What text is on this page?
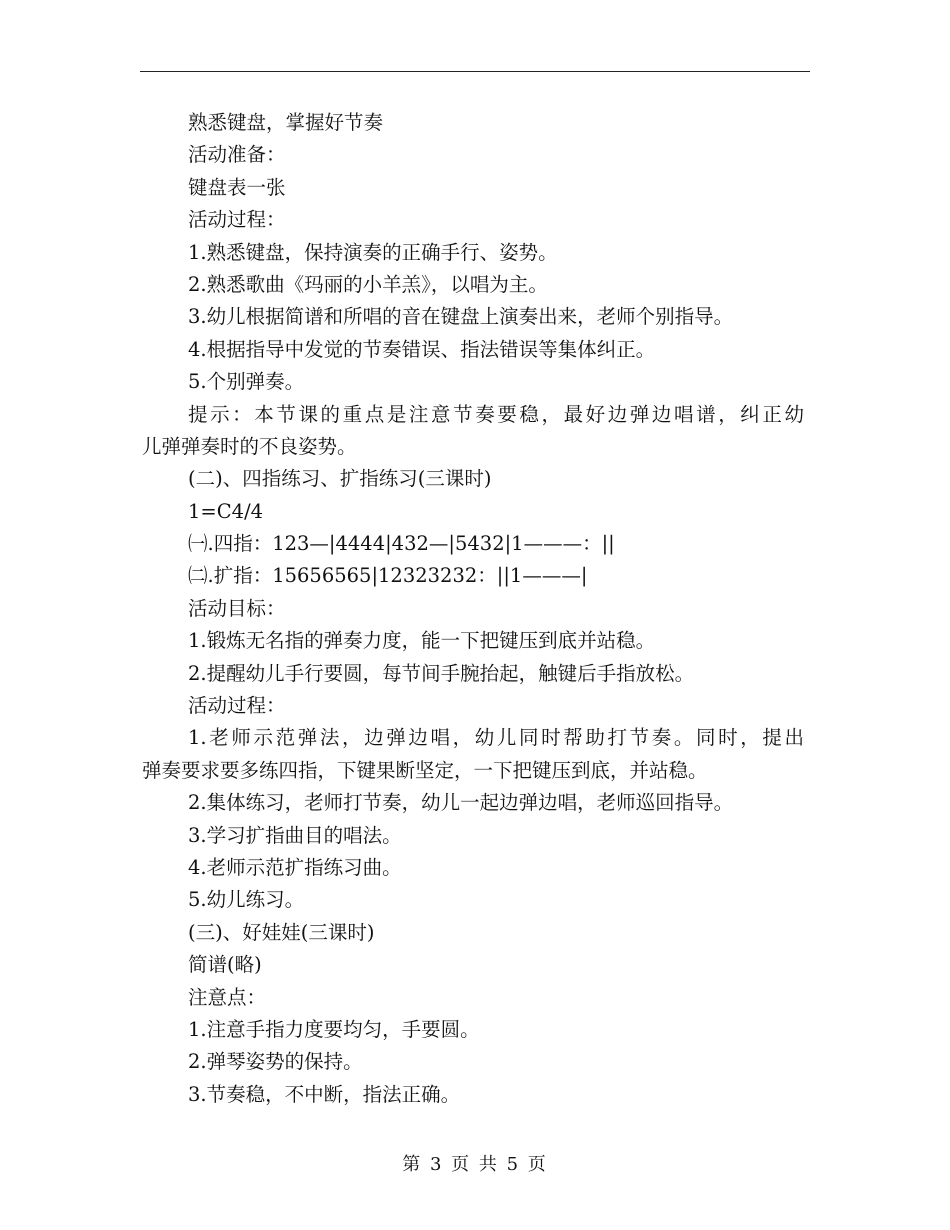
熟悉键盘，掌握好节奏
活动准备：
键盘表一张
活动过程：
1.熟悉键盘，保持演奏的正确手行、姿势。
2.熟悉歌曲《玛丽的小羊羔》，以唱为主。
3.幼儿根据简谱和所唱的音在键盘上演奏出来，老师个别指导。
4.根据指导中发觉的节奏错误、指法错误等集体纠正。
5.个别弹奏。
提示：本节课的重点是注意节奏要稳，最好边弹边唱谱，纠正幼
儿弹弹奏时的不良姿势。
(二)、四指练习、扩指练习(三课时)
1=C4/4
㈠.四指：123—|4444|432—|5432|1———：||
㈡.扩指：15656565|12323232：||1———|
活动目标：
1.锻炼无名指的弹奏力度，能一下把键压到底并站稳。
2.提醒幼儿手行要圆，每节间手腕抬起，触键后手指放松。
活动过程：
1.老师示范弹法，边弹边唱，幼儿同时帮助打节奏。同时，提出
弹奏要求要多练四指，下键果断坚定，一下把键压到底，并站稳。
2.集体练习，老师打节奏，幼儿一起边弹边唱，老师巡回指导。
3.学习扩指曲目的唱法。
4.老师示范扩指练习曲。
5.幼儿练习。
(三)、好娃娃(三课时)
简谱(略)
注意点：
1.注意手指力度要均匀，手要圆。
2.弹琴姿势的保持。
3.节奏稳，不中断，指法正确。
第 3 页 共 5 页
